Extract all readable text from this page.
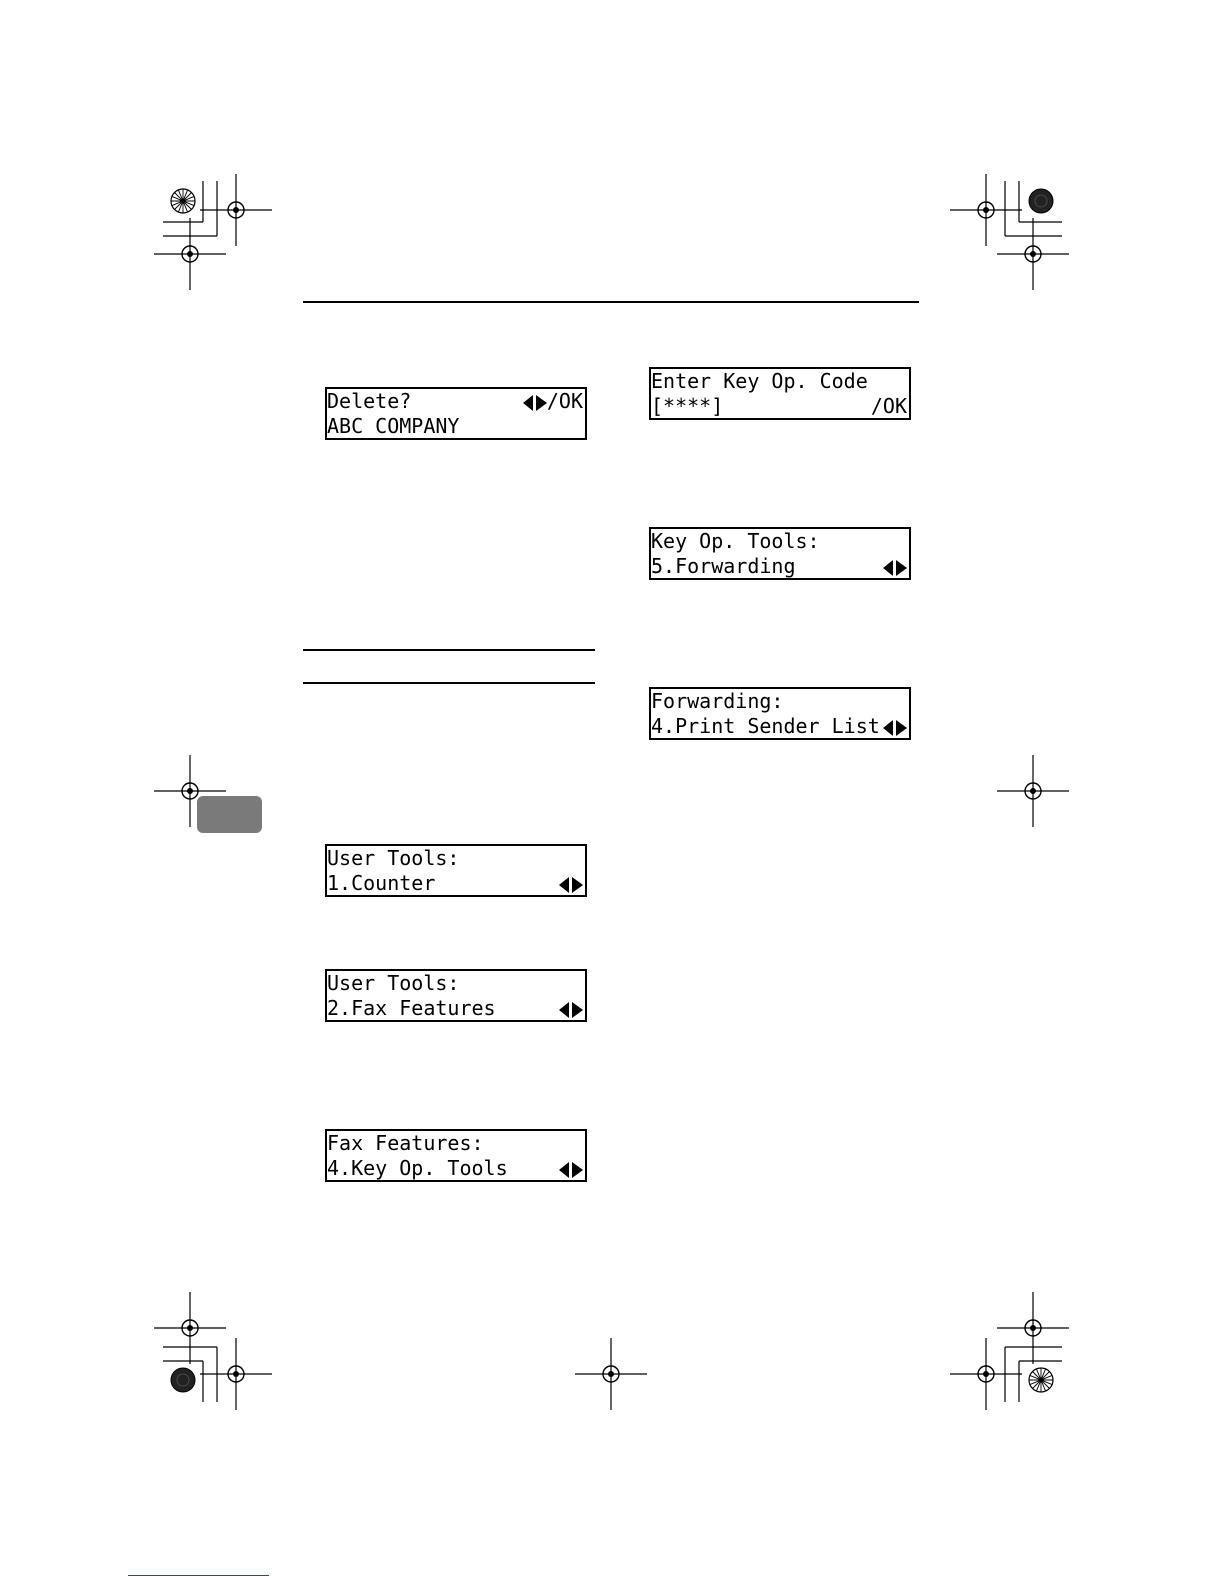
Delete?	/OK
ABC COMPANY
User Tools:
1.Counter
User Tools:
2.Fax Features
Fax Features:
4.Key Op. Tools
Enter Key Op. Code
[****]	/OK
Key Op. Tools:
5.Forwarding
Forwarding:
4.Print Sender List
